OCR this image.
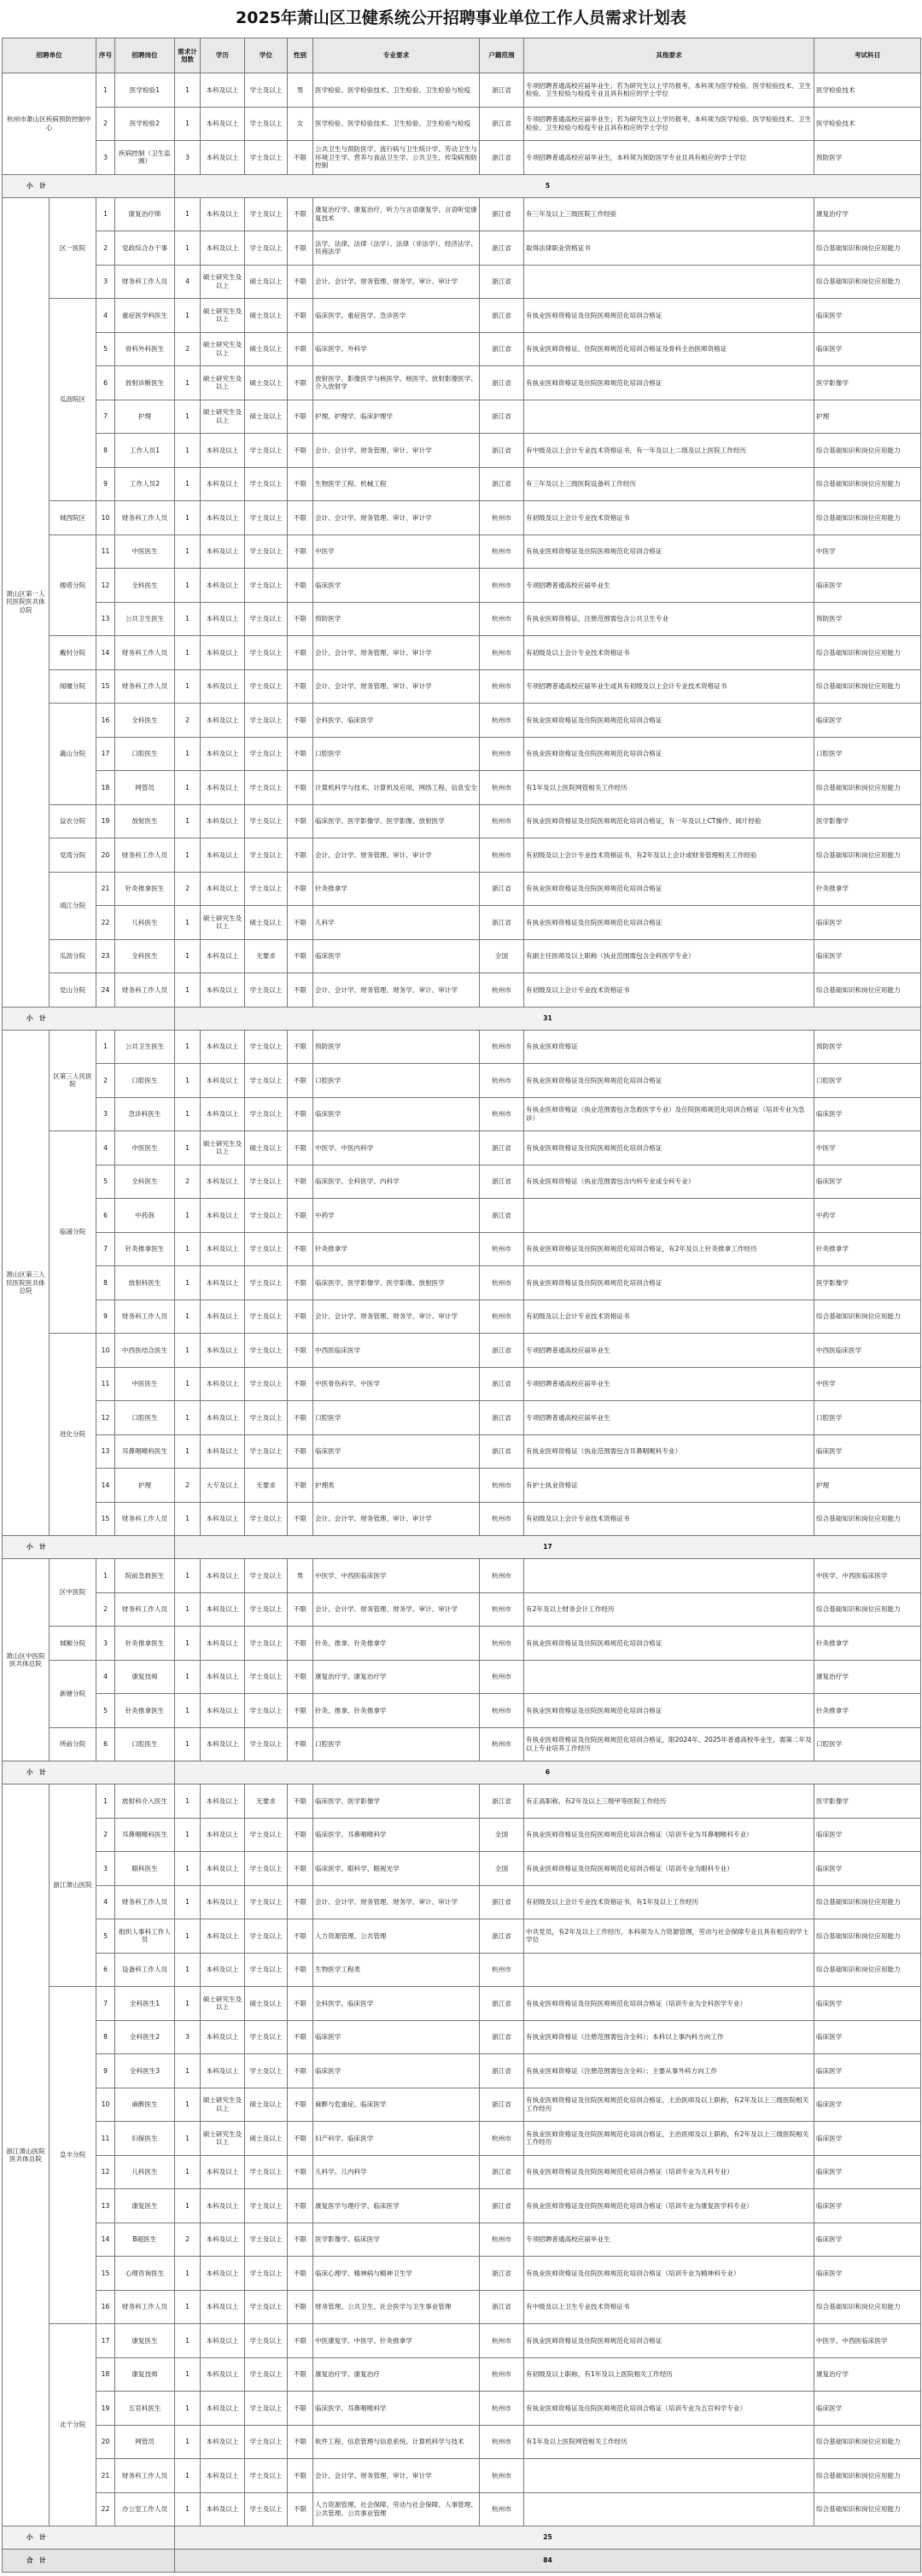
2025年萧山区卫健系统公开招聘事业单位工作人员需求计划表
招聘单位		序号	招聘岗位	需求计划数	学历	学位	性别	专业要求	户籍范围	其他要求	考试科目
杭州市萧山区疾病预防控制中心		1	医学检验1	1	本科及以上	学士及以上	男	医学检验、医学检验技术、卫生检验、卫生检验与检疫	浙江省	专项招聘普通高校应届毕业生；若为研究生以上学历报考，本科须为医学检验、医学检验技术、卫生检验、卫生检验与检疫专业且具有相应的学士学位	医学检验技术
		2	医学检验2	1	本科及以上	学士及以上	女	医学检验、医学检验技术、卫生检验、卫生检验与检疫	浙江省	专项招聘普通高校应届毕业生；若为研究生以上学历报考，本科须为医学检验、医学检验技术、卫生检验、卫生检验与检疫专业且具有相应的学士学位	医学检验技术
		3	疾病控制（卫生监测）	3	本科及以上	学士及以上	不限	公共卫生与预防医学、流行病与卫生统计学、劳动卫生与环境卫生学、营养与食品卫生学、公共卫生、传染病预防控制	浙江省	专项招聘普通高校应届毕业生，本科须为预防医学专业且具有相应的学士学位	预防医学
小　计				5							
萧山区第一人民医院医共体总院	区一医院	1	康复治疗师	1	本科及以上	学士及以上	不限	康复治疗学、康复治疗、听力与言语康复学、言语听觉康复技术	浙江省	有三年及以上三级医院工作经验	康复治疗学
		2	党政综合办干事	1	本科及以上	学士及以上	不限	法学、法律、法律（法学）、法律（非法学）、经济法学、民商法学	浙江省	取得法律职业资格证书	综合基础知识和岗位应用能力
		3	财务科工作人员	4	硕士研究生及以上	硕士及以上	不限	会计、会计学、财务管理、财务学、审计、审计学	浙江省		综合基础知识和岗位应用能力
	瓜沥院区	4	重症医学科医生	1	硕士研究生及以上	硕士及以上	不限	临床医学、重症医学、急诊医学	浙江省	有执业医师资格证及住院医师规范化培训合格证	临床医学
		5	骨科外科医生	2	硕士研究生及以上	硕士及以上	不限	临床医学、外科学	浙江省	有执业医师资格证、住院医师规范化培训合格证及骨科主治医师资格证	临床医学
		6	放射诊断医生	1	硕士研究生及以上	硕士及以上	不限	放射医学、影像医学与核医学、核医学、放射影像医学、介入放射学	浙江省	有执业医师资格证及住院医师规范化培训合格证	医学影像学
		7	护理	1	硕士研究生及以上	硕士及以上	不限	护理、护理学、临床护理学	浙江省		护理
		8	工作人员1	1	本科及以上	学士及以上	不限	会计、会计学、财务管理、审计、审计学	浙江省	有中级及以上会计专业技术资格证书，有一年及以上二级及以上医院工作经历	综合基础知识和岗位应用能力
		9	工作人员2	1	本科及以上	学士及以上	不限	生物医学工程、机械工程	浙江省	有三年及以上三级医院设备科工作经历	综合基础知识和岗位应用能力
	城西院区	10	财务科工作人员	1	本科及以上	学士及以上	不限	会计、会计学、财务管理、审计、审计学	杭州市	有初级及以上会计专业技术资格证书	综合基础知识和岗位应用能力
	楼塔分院	11	中医医生	1	本科及以上	学士及以上	不限	中医学	杭州市	有执业医师资格证及住院医师规范化培训合格证	中医学
		12	全科医生	1	本科及以上	学士及以上	不限	临床医学	杭州市	专项招聘普通高校应届毕业生	临床医学
		13	公共卫生医生	1	本科及以上	学士及以上	不限	预防医学	杭州市	有执业医师资格证，注册范围需包含公共卫生专业	预防医学
	戴村分院	14	财务科工作人员	1	本科及以上	学士及以上	不限	会计、会计学、财务管理、审计、审计学	杭州市	有初级及以上会计专业技术资格证书	综合基础知识和岗位应用能力
	闻堰分院	15	财务科工作人员	1	本科及以上	学士及以上	不限	会计、会计学、财务管理、审计、审计学	杭州市	专项招聘普通高校应届毕业生或具有初级及以上会计专业技术资格证书	综合基础知识和岗位应用能力
	義山分院	16	全科医生	2	本科及以上	学士及以上	不限	全科医学、临床医学	杭州市	有执业医师资格证及住院医师规范化培训合格证	临床医学
		17	口腔医生	1	本科及以上	学士及以上	不限	口腔医学	杭州市	有执业医师资格证及住院医师规范化培训合格证	口腔医学
		18	网管员	1	本科及以上	学士及以上	不限	计算机科学与技术、计算机及应用、网络工程、信息安全	杭州市	有1年及以上医院网管相关工作经历	综合基础知识和岗位应用能力
	益农分院	19	放射医生	1	本科及以上	学士及以上	不限	临床医学、医学影像学、医学影像、放射医学	杭州市	有执业医师资格证及住院医师规范化培训合格证，有一年及以上CT操作、阅片经验	医学影像学
	党湾分院	20	财务科工作人员	1	本科及以上	学士及以上	不限	会计、会计学、财务管理、审计、审计学	杭州市	有初级及以上会计专业技术资格证书，有2年及以上会计或财务管理相关工作经验	综合基础知识和岗位应用能力
	靖江分院	21	针灸推拿医生	2	本科及以上	学士及以上	不限	针灸推拿学	浙江省	有执业医师资格证及住院医师规范化培训合格证	针灸推拿学
		22	儿科医生	1	硕士研究生及以上	硕士及以上	不限	儿科学	浙江省	有执业医师资格证及住院医师规范化培训合格证	临床医学
	瓜沥分院	23	全科医生	1	本科及以上	无要求	不限	临床医学	全国	有副主任医师及以上职称（执业范围需包含全科医学专业）	临床医学
	党山分院	24	财务科工作人员	1	本科及以上	学士及以上	不限	会计、会计学、财务管理、财务学、审计、审计学	杭州市	有初级及以上会计专业技术资格证书	综合基础知识和岗位应用能力
小　计				31							
萧山区第三人民医院医共体总院	区第三人民医院	1	公共卫生医生	1	本科及以上	学士及以上	不限	预防医学	杭州市	有执业医师资格证	预防医学
		2	口腔医生	1	本科及以上	学士及以上	不限	口腔医学	杭州市	有执业医师资格证及住院医师规范化培训合格证	口腔医学
		3	急诊科医生	1	本科及以上	学士及以上	不限	临床医学	杭州市	有执业医师资格证（执业范围需包含急救医学专业）及住院医师规范化培训合格证（培训专业为急诊）	临床医学
	临浦分院	4	中医医生	1	硕士研究生及以上	硕士及以上	不限	中医学、中医内科学	浙江省	有执业医师资格证及住院医师规范化培训合格证	中医学
		5	全科医生	2	本科及以上	学士及以上	不限	临床医学、全科医学、内科学	浙江省	有执业医师资格证（执业范围需包含内科专业或全科专业）	临床医学
		6	中药剂	1	本科及以上	学士及以上	不限	中药学	浙江省		中药学
		7	针灸推拿医生	1	本科及以上	学士及以上	不限	针灸推拿学	杭州市	有执业医师资格证及住院医师规范化培训合格证，有2年及以上针灸推拿工作经历	针灸推拿学
		8	放射科医生	1	本科及以上	学士及以上	不限	临床医学、医学影像学、医学影像、放射医学	杭州市	有执业医师资格证及住院医师规范化培训合格证	医学影像学
		9	财务科工作人员	1	本科及以上	学士及以上	不限	会计、会计学、财务管理、财务学、审计、审计学	杭州市	有初级及以上会计专业技术资格证书	综合基础知识和岗位应用能力
	进化分院	10	中西医结合医生	1	本科及以上	学士及以上	不限	中西医临床医学	浙江省	专项招聘普通高校应届毕业生	中西医临床医学
		11	中医医生	1	本科及以上	学士及以上	不限	中医骨伤科学、中医学	浙江省	专项招聘普通高校应届毕业生	中医学
		12	口腔医生	1	本科及以上	学士及以上	不限	口腔医学	浙江省	专项招聘普通高校应届毕业生	口腔医学
		13	耳鼻咽喉科医生	1	本科及以上	学士及以上	不限	临床医学	浙江省	有执业医师资格证（执业范围需包含耳鼻咽喉科专业）	临床医学
		14	护理	2	大专及以上	无要求	不限	护理类	杭州市	有护士执业资格证	护理
		15	财务科工作人员	1	本科及以上	学士及以上	不限	会计、会计学、财务管理、审计、审计学	杭州市	有初级及以上会计专业技术资格证书	综合基础知识和岗位应用能力
小　计				17							
萧山区中医院医共体总院	区中医院	1	院前急救医生	1	本科及以上	学士及以上	男	中医学、中西医临床医学	杭州市		中医学、中西医临床医学
		2	财务科工作人员	1	本科及以上	学士及以上	不限	会计、会计学、财务管理、财务学、审计、审计学	杭州市	有2年及以上财务会计工作经历	综合基础知识和岗位应用能力
	城厢分院	3	针灸推拿医生	1	本科及以上	学士及以上	不限	针灸、推拿、针灸推拿学	杭州市	有执业医师资格证及住院医师规范化培训合格证	针灸推拿学
	新塘分院	4	康复技师	1	本科及以上	学士及以上	不限	康复治疗学、康复治疗学	杭州市		康复治疗学
		5	针灸推拿医生	1	本科及以上	学士及以上	不限	针灸、推拿、针灸推拿学	杭州市	有执业医师资格证及住院医师规范化培训合格证	针灸推拿学
	所前分院	6	口腔医生	1	本科及以上	学士及以上	不限	口腔医学	杭州市	有执业医师资格证及住院医师规范化培训合格证，限2024年、2025年普通高校毕业生，需第二年及以上专业培养工作经历	口腔医学
小　计				6							
浙江萧山医院医共体总院	浙江萧山医院	1	放射科介入医生	1	本科及以上	无要求	不限	临床医学、医学影像学	浙江省	有正高职称，有2年及以上三级甲等医院工作经历	医学影像学
		2	耳鼻咽喉科医生	1	本科及以上	学士及以上	不限	临床医学、耳鼻咽喉科学	全国	有执业医师资格证及住院医师规范化培训合格证（培训专业为耳鼻咽喉科专业）	临床医学
		3	眼科医生	1	本科及以上	学士及以上	不限	临床医学、眼科学、眼视光学	全国	有执业医师资格证及住院医师规范化培训合格证（培训专业为眼科专业）	临床医学
		4	财务科工作人员	1	本科及以上	学士及以上	不限	会计、会计学、财务管理、财务学、审计、审计学	浙江省	有初级及以上会计专业技术资格证书，有1年及以上工作经历	综合基础知识和岗位应用能力
		5	组织人事科工作人员	1	本科及以上	学士及以上	不限	人力资源管理、公共管理	浙江省	中共党员，有2年及以上工作经历，本科须为人力资源管理，劳动与社会保障专业且具有相应的学士学位	综合基础知识和岗位应用能力
		6	设备科工作人员	1	本科及以上	学士及以上	不限	生物医学工程类	杭州市		综合基础知识和岗位应用能力
	皇丰分院	7	全科医生1	1	硕士研究生及以上	硕士及以上	不限	全科医学、临床医学	浙江省	有执业医师资格证及住院医师规范化培训合格证（培训专业为全科医学专业）	临床医学
		8	全科医生2	3	本科及以上	学士及以上	不限	临床医学	浙江省	有执业医师资格证（注册范围需包含全科）；本科以上事内科方向工作	临床医学
		9	全科医生3	1	本科及以上	学士及以上	不限	临床医学	浙江省	有执业医师资格证（注册范围需包含全科）；主要从事外科方向工作	临床医学
		10	麻醉医生	1	硕士研究生及以上	硕士及以上	不限	麻醉与危重症、临床医学	浙江省	有执业医师资格证及住院医师规范化培训合格证，主治医师及以上职称，有2年及以上三级医院相关工作经历	临床医学
		11	妇保医生	1	硕士研究生及以上	硕士及以上	不限	妇产科学、临床医学	杭州市	有执业医师资格证及住院医师规范化培训合格证，主治医师及以上职称，有2年及以上三级医院相关工作经历	临床医学
		12	儿科医生	1	本科及以上	学士及以上	不限	儿科学、儿内科学	浙江省	有执业医师资格证及住院医师规范化培训合格证（培训专业为儿科专业）	临床医学
		13	康复医生	1	本科及以上	学士及以上	不限	康复医学与理疗学、临床医学	浙江省	有执业医师资格证及住院医师规范化培训合格证（培训专业为康复医学科专业）	临床医学
		14	B超医生	2	本科及以上	学士及以上	不限	医学影像学、临床医学	杭州市	专项招聘普通高校应届毕业生	临床医学
		15	心理咨询医生	1	本科及以上	学士及以上	不限	临床心理学、精神病与精神卫生学	浙江省	有执业医师资格证及住院医师规范化培训合格证（培训专业为精神科专业）	临床医学
		16	财务科工作人员	1	本科及以上	学士及以上	不限	财务管理、公共卫生、社会医学与卫生事业管理	浙江省	有中级及以上卫生专业技术资格证书	综合基础知识和岗位应用能力
	北干分院	17	康复医生	1	本科及以上	学士及以上	不限	中医康复学、中医学、针灸推拿学	杭州市	有执业医师资格证及住院医师规范化培训合格证	中医学、中西医临床医学
		18	康复技师	1	本科及以上	学士及以上	不限	康复治疗学、康复治疗	杭州市	有初级及以上职称，有1年及以上医院相关工作经历	康复治疗学
		19	五官科医生	1	本科及以上	学士及以上	不限	临床医学、耳鼻咽喉科学	杭州市	有执业医师资格证及住院医师规范化培训合格证（培训专业为五官科学专业）	临床医学
		20	网管员	1	本科及以上	学士及以上	不限	软件工程、信息管理与信息系统、计算机科学与技术	杭州市	有1年及以上医院网管相关工作经历	综合基础知识和岗位应用能力
		21	财务科工作人员	1	本科及以上	学士及以上	不限	会计、会计学、财务管理、审计、审计学	杭州市		综合基础知识和岗位应用能力
		22	办公室工作人员	1	本科及以上	学士及以上	不限	人力资源管理、社会保障、劳动与社会保障、人事管理、公共管理、公共事业管理	杭州市		综合基础知识和岗位应用能力
小　计				25							
合　计				84							
